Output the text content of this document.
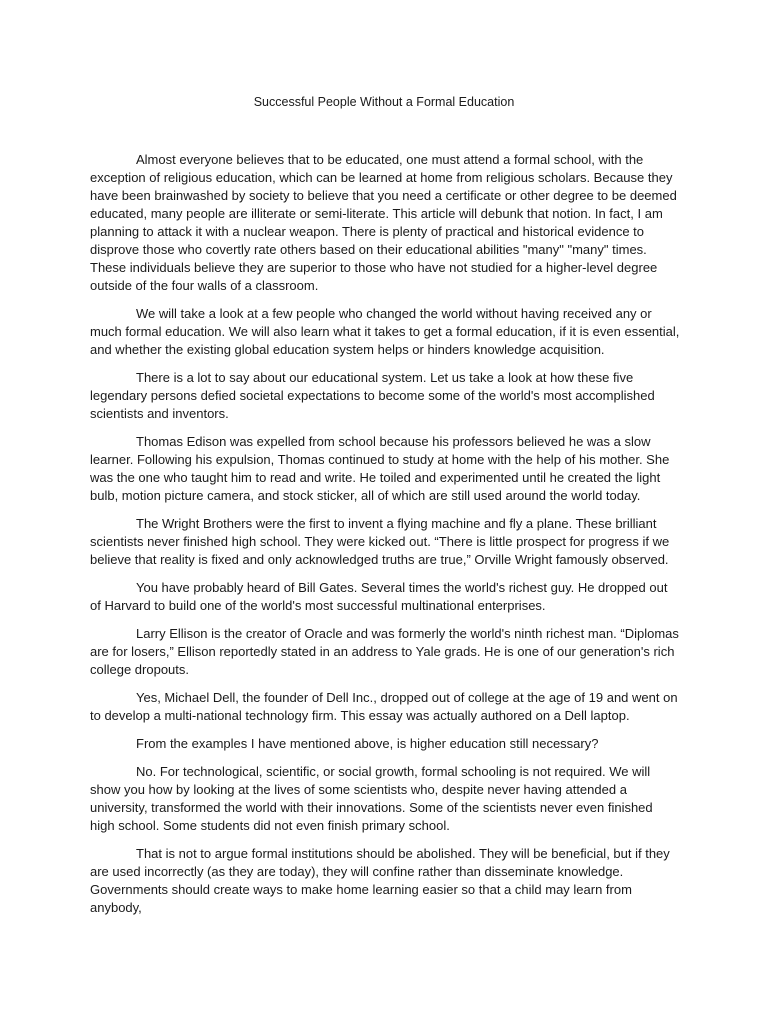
Successful People Without a Formal Education

Almost everyone believes that to be educated, one must attend a formal school, with the exception of religious education, which can be learned at home from religious scholars. Because they have been brainwashed by society to believe that you need a certificate or other degree to be deemed educated, many people are illiterate or semi-literate. This article will debunk that notion. In fact, I am planning to attack it with a nuclear weapon. There is plenty of practical and historical evidence to disprove those who covertly rate others based on their educational abilities "many" "many" times. These individuals believe they are superior to those who have not studied for a higher-level degree outside of the four walls of a classroom.

We will take a look at a few people who changed the world without having received any or much formal education. We will also learn what it takes to get a formal education, if it is even essential, and whether the existing global education system helps or hinders knowledge acquisition.

There is a lot to say about our educational system. Let us take a look at how these five legendary persons defied societal expectations to become some of the world's most accomplished scientists and inventors.

Thomas Edison was expelled from school because his professors believed he was a slow learner. Following his expulsion, Thomas continued to study at home with the help of his mother. She was the one who taught him to read and write. He toiled and experimented until he created the light bulb, motion picture camera, and stock sticker, all of which are still used around the world today.

The Wright Brothers were the first to invent a flying machine and fly a plane. These brilliant scientists never finished high school. They were kicked out. “There is little prospect for progress if we believe that reality is fixed and only acknowledged truths are true,” Orville Wright famously observed.

You have probably heard of Bill Gates. Several times the world's richest guy. He dropped out of Harvard to build one of the world's most successful multinational enterprises.

Larry Ellison is the creator of Oracle and was formerly the world's ninth richest man. “Diplomas are for losers,” Ellison reportedly stated in an address to Yale grads. He is one of our generation's rich college dropouts.

Yes, Michael Dell, the founder of Dell Inc., dropped out of college at the age of 19 and went on to develop a multi-national technology firm. This essay was actually authored on a Dell laptop.

From the examples I have mentioned above, is higher education still necessary?

No. For technological, scientific, or social growth, formal schooling is not required. We will show you how by looking at the lives of some scientists who, despite never having attended a university, transformed the world with their innovations. Some of the scientists never even finished high school. Some students did not even finish primary school.

That is not to argue formal institutions should be abolished. They will be beneficial, but if they are used incorrectly (as they are today), they will confine rather than disseminate knowledge. Governments should create ways to make home learning easier so that a child may learn from anybody,
